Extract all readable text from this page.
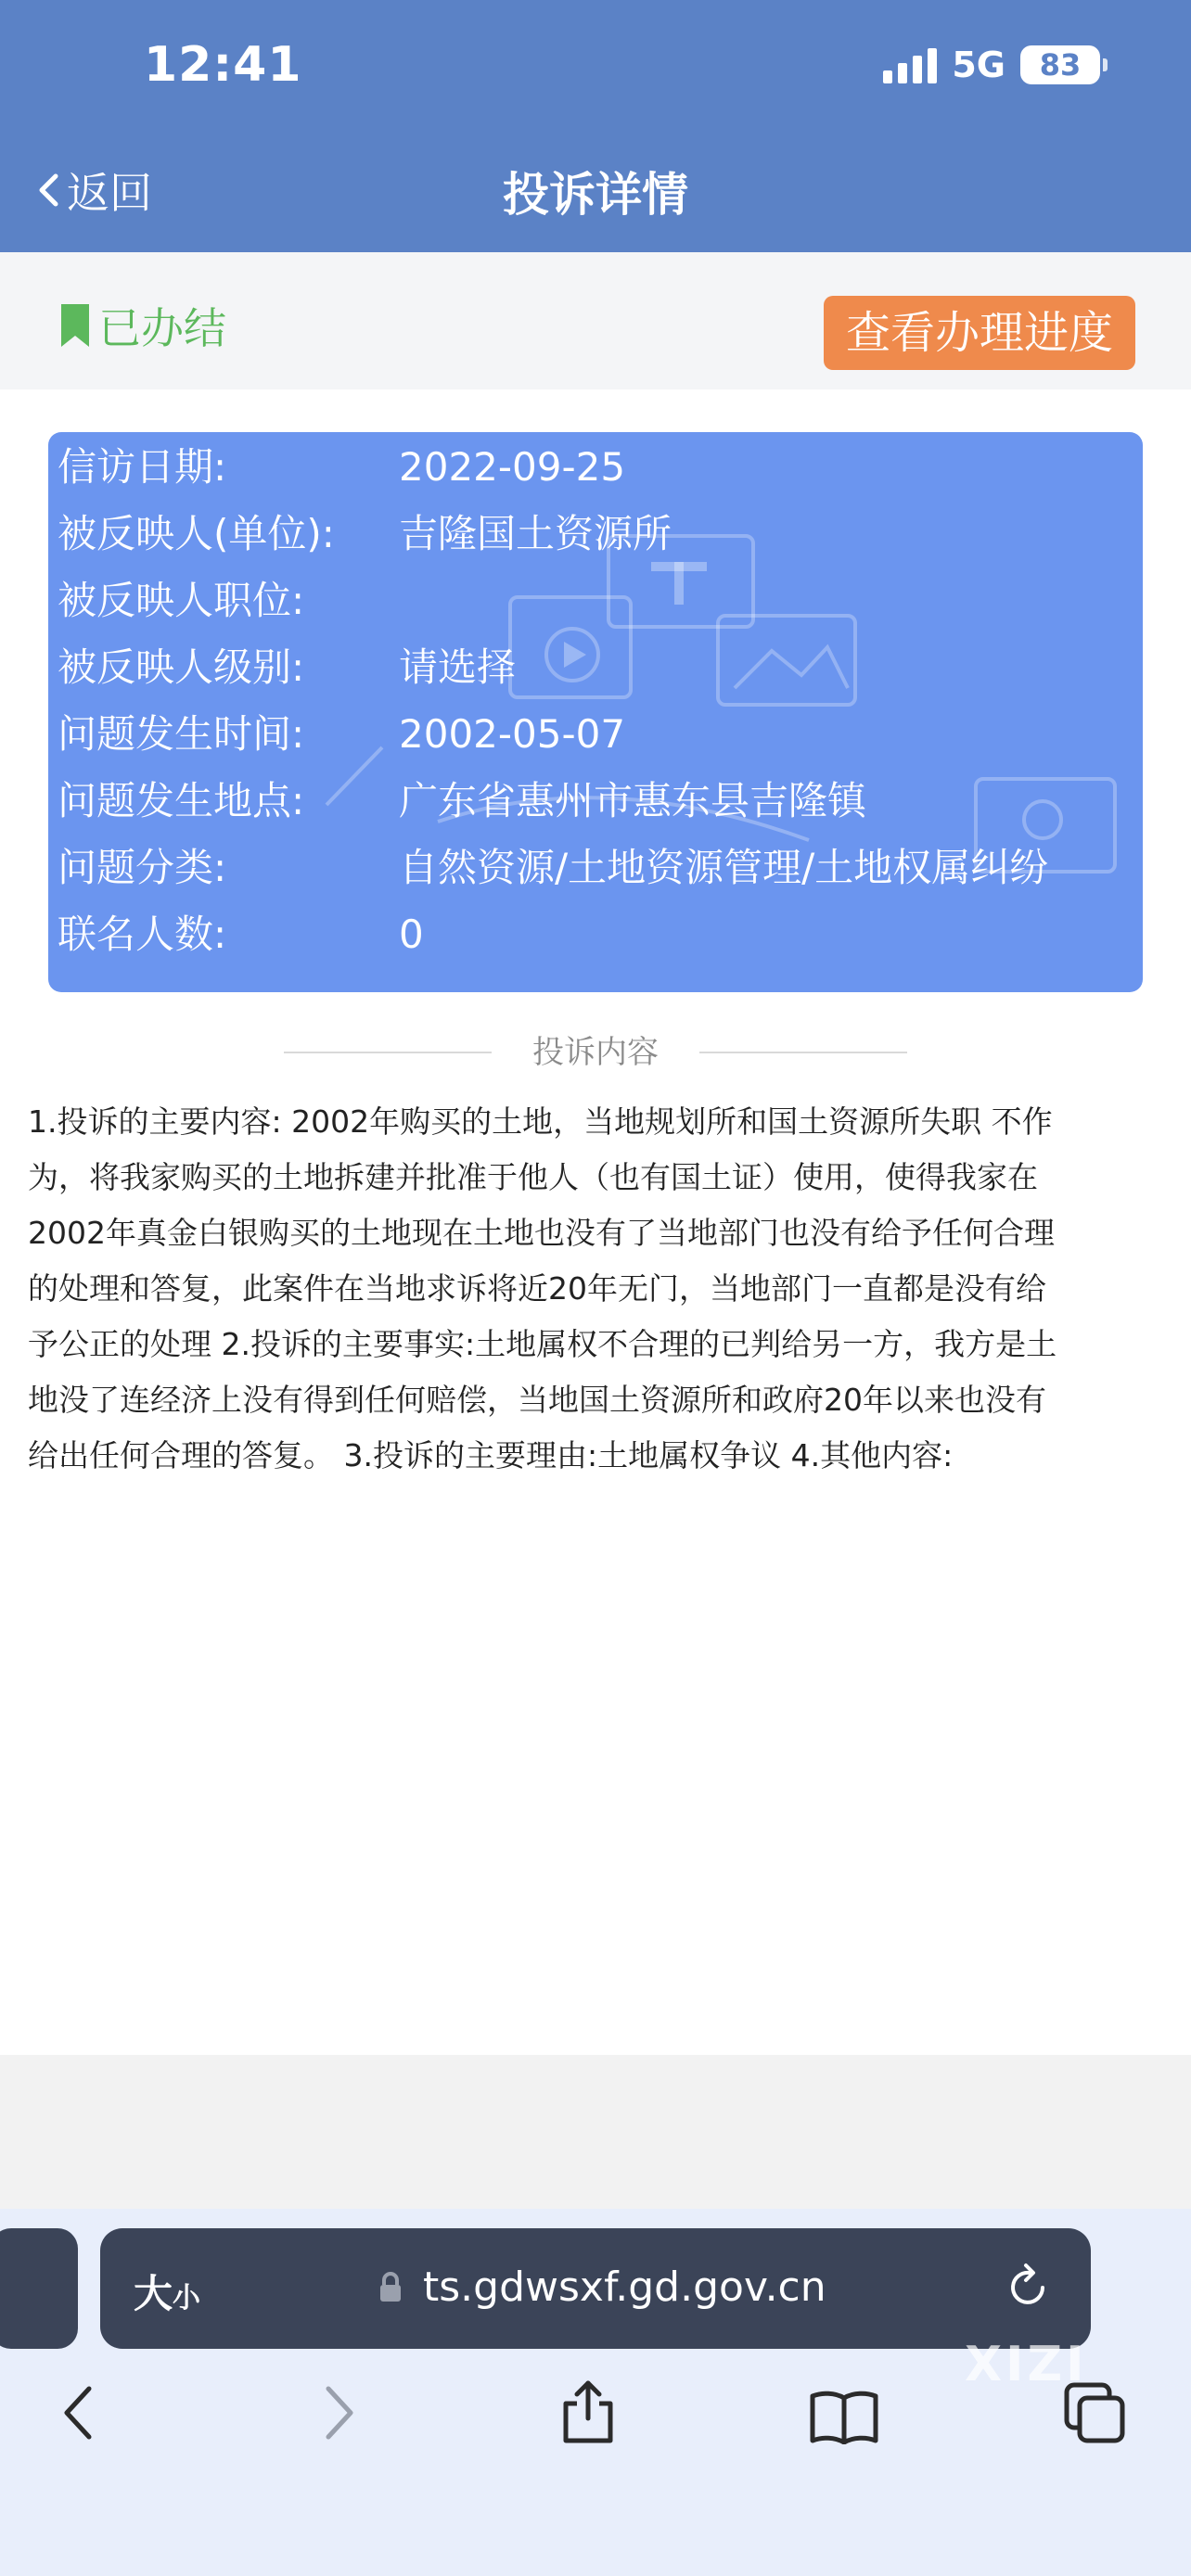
12:41	5G	83
返回	投诉详情
已办结	查看办理进度
信访日期:	2022-09-25
被反映人(单位):	吉隆国土资源所
被反映人职位:
被反映人级别:	请选择
问题发生时间:	2002-05-07
问题发生地点:	广东省惠州市惠东县吉隆镇
问题分类:	自然资源/土地资源管理/土地权属纠纷
联名人数:	0
投诉内容
1.投诉的主要内容: 2002年购买的土地，当地规划所和国土资源所失职 不作
为，将我家购买的土地拆建并批准于他人（也有国土证）使用，使得我家在
2002年真金白银购买的土地现在土地也没有了当地部门也没有给予任何合理
的处理和答复，此案件在当地求诉将近20年无门，当地部门一直都是没有给
予公正的处理 2.投诉的主要事实:土地属权不合理的已判给另一方，我方是土
地没了连经济上没有得到任何赔偿，当地国土资源所和政府20年以来也没有
给出任何合理的答复。 3.投诉的主要理由:土地属权争议 4.其他内容:
大小	ts.gdwsxf.gd.gov.cn
XIZI
